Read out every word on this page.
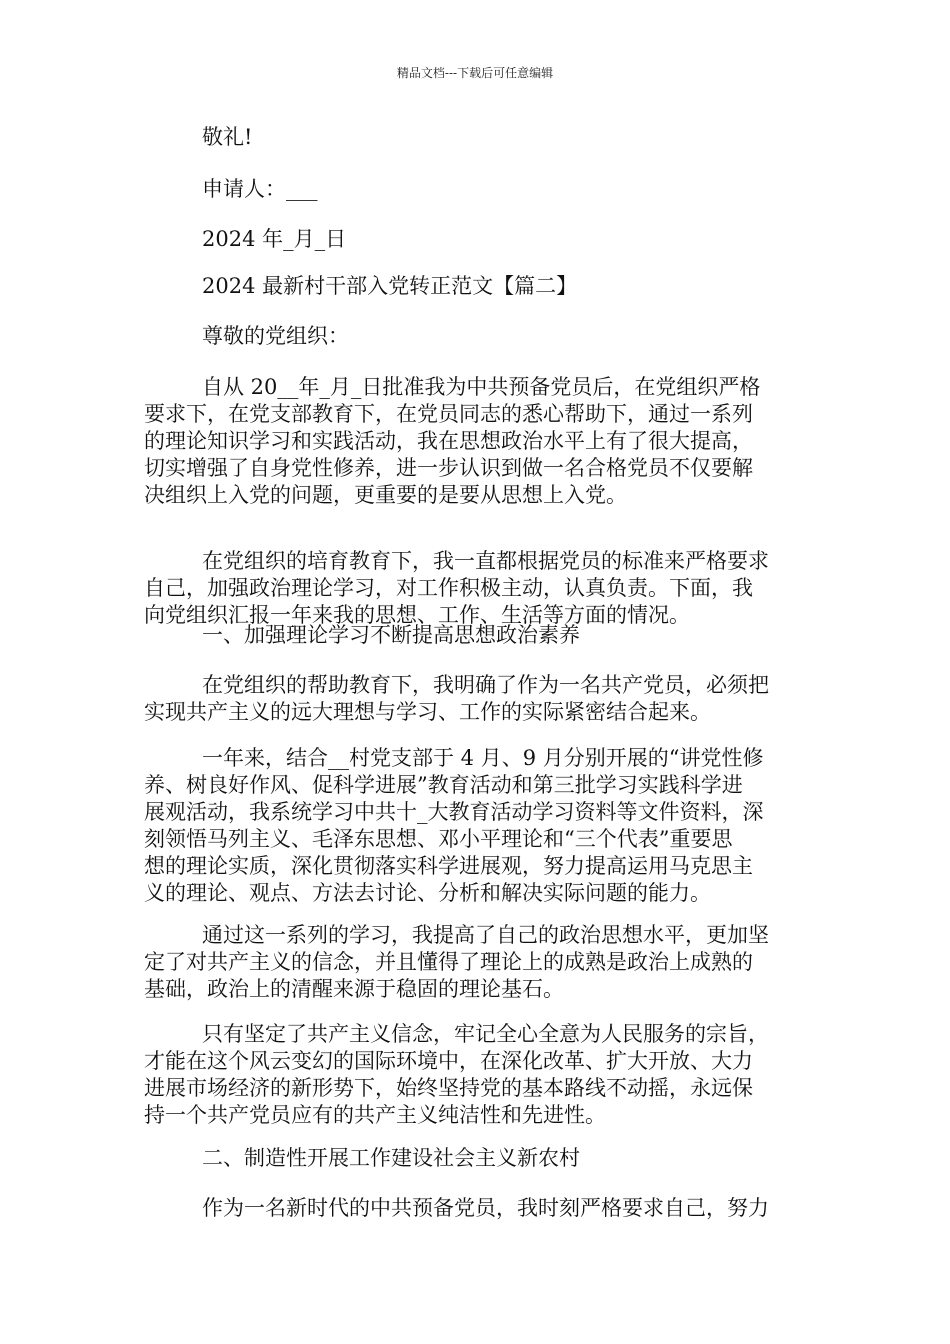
精品文档---下载后可任意编辑
敬礼!
申请人：___
2024 年_月_日
2024 最新村干部入党转正范文【篇二】
尊敬的党组织：
自从 20__年_月_日批准我为中共预备党员后，在党组织严格
要求下，在党支部教育下，在党员同志的悉心帮助下，通过一系列
的理论知识学习和实践活动，我在思想政治水平上有了很大提高，
切实增强了自身党性修养，进一步认识到做一名合格党员不仅要解
决组织上入党的问题，更重要的是要从思想上入党。
在党组织的培育教育下，我一直都根据党员的标准来严格要求
自己，加强政治理论学习，对工作积极主动，认真负责。下面，我
向党组织汇报一年来我的思想、工作、生活等方面的情况。
一、加强理论学习不断提高思想政治素养
在党组织的帮助教育下，我明确了作为一名共产党员，必须把
实现共产主义的远大理想与学习、工作的实际紧密结合起来。
一年来，结合__村党支部于 4 月、9 月分别开展的“讲党性修
养、树良好作风、促科学进展”教育活动和第三批学习实践科学进
展观活动，我系统学习中共十_大教育活动学习资料等文件资料，深
刻领悟马列主义、毛泽东思想、邓小平理论和“三个代表”重要思
想的理论实质，深化贯彻落实科学进展观，努力提高运用马克思主
义的理论、观点、方法去讨论、分析和解决实际问题的能力。
通过这一系列的学习，我提高了自己的政治思想水平，更加坚
定了对共产主义的信念，并且懂得了理论上的成熟是政治上成熟的
基础，政治上的清醒来源于稳固的理论基石。
只有坚定了共产主义信念，牢记全心全意为人民服务的宗旨，
才能在这个风云变幻的国际环境中，在深化改革、扩大开放、大力
进展市场经济的新形势下，始终坚持党的基本路线不动摇，永远保
持一个共产党员应有的共产主义纯洁性和先进性。
二、制造性开展工作建设社会主义新农村
作为一名新时代的中共预备党员，我时刻严格要求自己，努力
